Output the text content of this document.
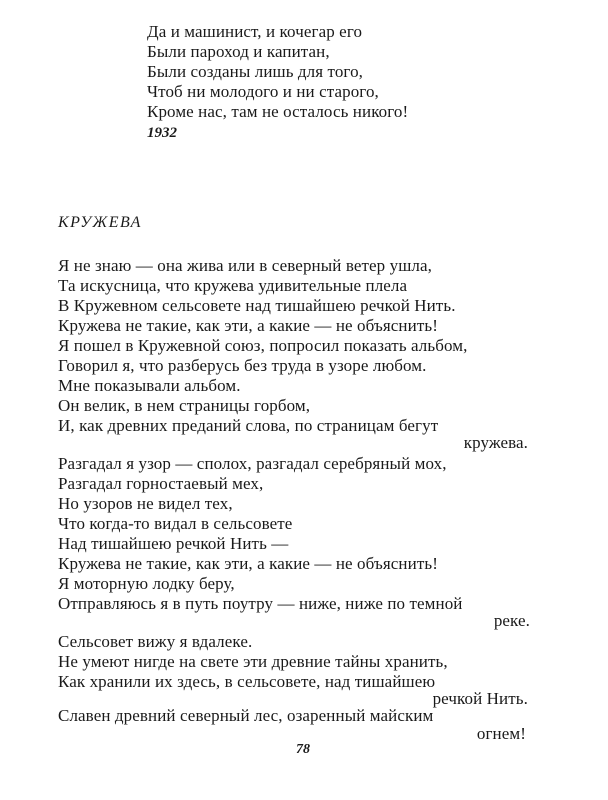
Да и машинист, и кочегар его
Были пароход и капитан,
Были созданы лишь для того,
Чтоб ни молодого и ни старого,
Кроме нас, там не осталось никого!
1932
КРУЖЕВА
Я не знаю — она жива или в северный ветер ушла,
Та искусница, что кружева удивительные плела
В Кружевном сельсовете над тишайшею речкой Нить.
Кружева не такие, как эти, а какие — не объяснить!
Я пошел в Кружевной союз, попросил показать альбом,
Говорил я, что разберусь без труда в узоре любом.
Мне показывали альбом.
Он велик, в нем страницы горбом,
И, как древних преданий слова, по страницам бегут
кружева.
Разгадал я узор — сполох, разгадал серебряный мох,
Разгадал горностаевый мех,
Но узоров не видел тех,
Что когда-то видал в сельсовете
Над тишайшею речкой Нить —
Кружева не такие, как эти, а какие — не объяснить!
Я моторную лодку беру,
Отправляюсь я в путь поутру — ниже, ниже по темной
реке.
Сельсовет вижу я вдалеке.
Не умеют нигде на свете эти древние тайны хранить,
Как хранили их здесь, в сельсовете, над тишайшею
речкой Нить.
Славен древний северный лес, озаренный майским
огнем!
78
